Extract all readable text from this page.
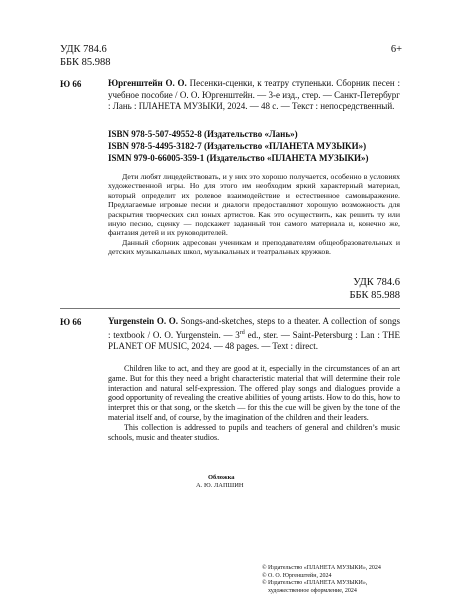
УДК 784.6
ББК 85.988
6+
Ю 66	Юргенштейн О. О. Песенки-сценки, к театру ступеньки. Сборник песен : учебное пособие / О. О. Юргенштейн. — 3-е изд., стер. — Санкт-Петербург : Лань : ПЛАНЕТА МУЗЫКИ, 2024. — 48 с. — Текст : непосредственный.
ISBN 978-5-507-49552-8 (Издательство «Лань»)
ISBN 978-5-4495-3182-7 (Издательство «ПЛАНЕТА МУЗЫКИ»)
ISMN 979-0-66005-359-1 (Издательство «ПЛАНЕТА МУЗЫКИ»)

Дети любят лицедействовать, и у них это хорошо получается, особенно в условиях художественной игры. Но для этого им необходим яркий характерный материал, который определит их ролевое взаимодействие и естественное самовыражение. Предлагаемые игровые песни и диалоги предоставляют хорошую возможность для раскрытия творческих сил юных артистов. Как это осуществить, как решить ту или иную песню, сценку — подскажет заданный тон самого материала и, конечно же, фантазия детей и их руководителей.

Данный сборник адресован ученикам и преподавателям общеобразовательных и детских музыкальных школ, музыкальных и театральных кружков.

УДК 784.6
ББК 85.988
Ю 66	Yurgenstein O. O. Songs-and-sketches, steps to a theater. A collection of songs : textbook / O. O. Yurgenstein. — 3rd ed., ster. — Saint-Petersburg : Lan : THE PLANET OF MUSIC, 2024. — 48 pages. — Text : direct.

Children like to act, and they are good at it, especially in the circumstances of an art game. But for this they need a bright characteristic material that will determine their role interaction and natural self-expression. The offered play songs and dialogues provide a good opportunity of revealing the creative abilities of young artists. How to do this, how to interpret this or that song, or the sketch — for this the cue will be given by the tone of the material itself and, of course, by the imagination of the children and their leaders.

This collection is addressed to pupils and teachers of general and children’s music schools, music and theater studios.

Обложка
А. Ю. ЛАПШИН
© Издательство «ПЛАНЕТА МУЗЫКИ», 2024
© О. О. Юргенштейн, 2024
© Издательство «ПЛАНЕТА МУЗЫКИ»,
художественное оформление, 2024
